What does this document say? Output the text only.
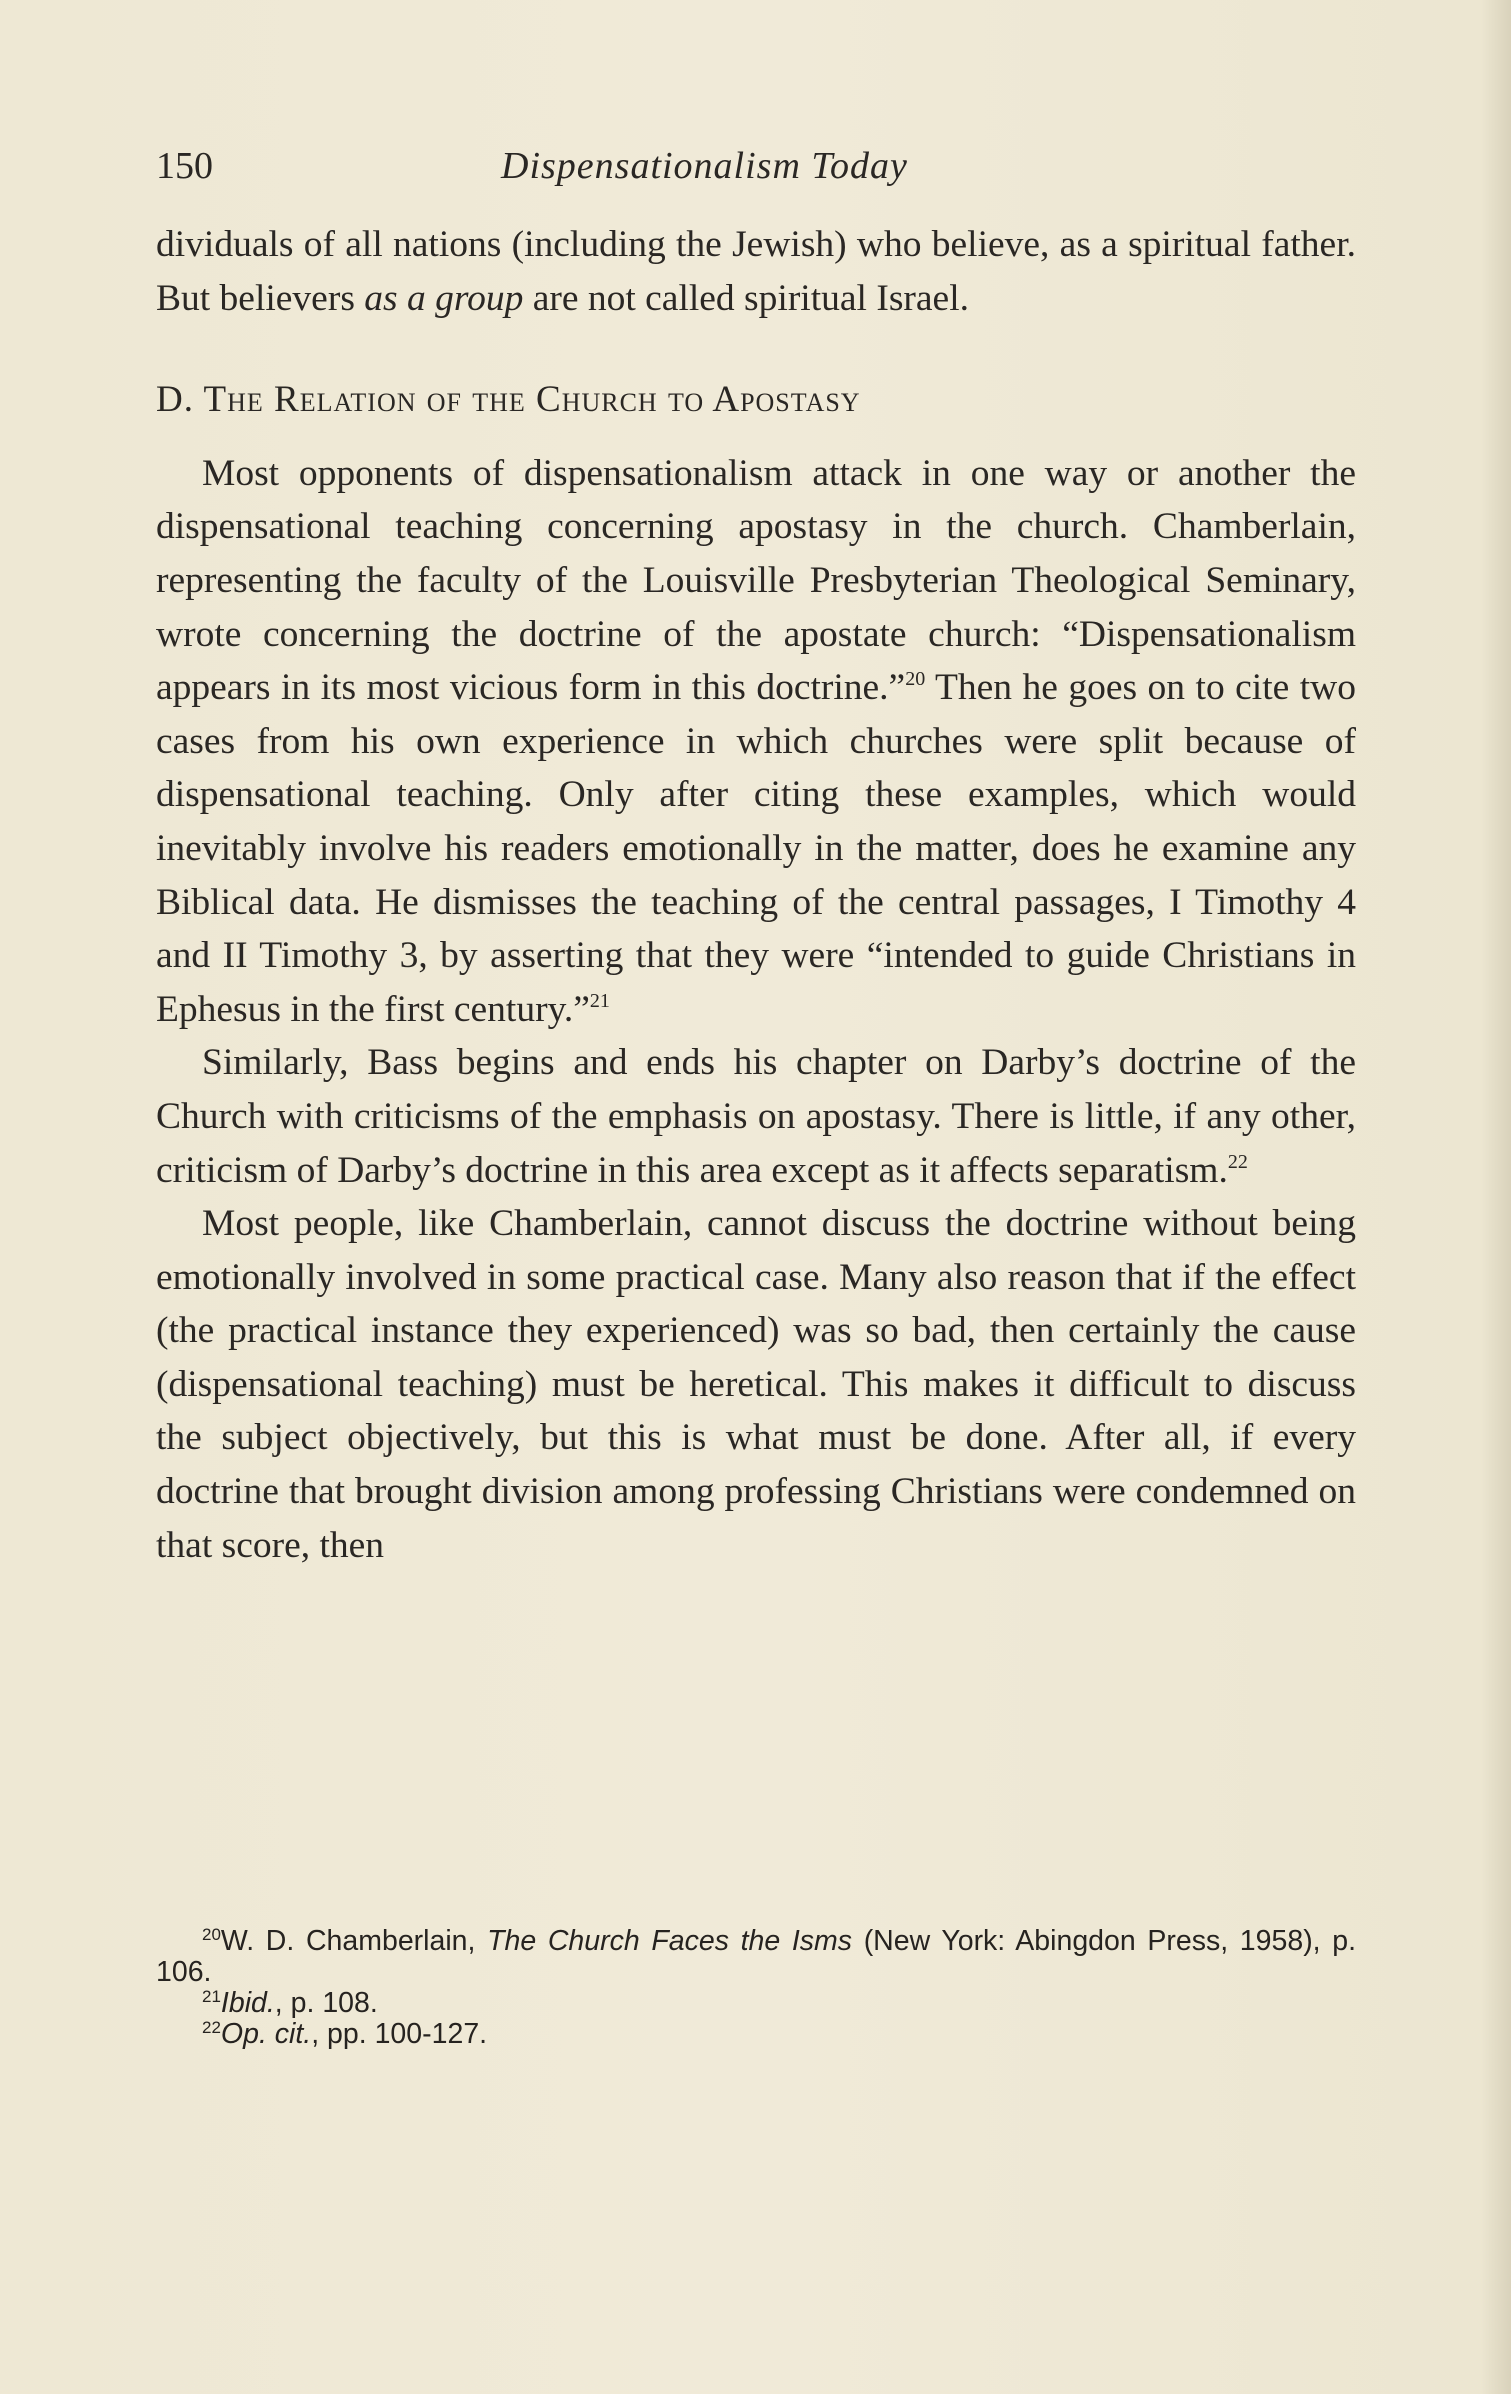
150	Dispensationalism Today

dividuals of all nations (including the Jewish) who believe, as a spiritual father. But believers as a group are not called spiritual Israel.

D. The Relation of the Church to Apostasy

Most opponents of dispensationalism attack in one way or another the dispensational teaching concerning apostasy in the church. Chamberlain, representing the faculty of the Louisville Presbyterian Theological Seminary, wrote concerning the doctrine of the apostate church: “Dispensationalism appears in its most vicious form in this doctrine.”$^{20}$ Then he goes on to cite two cases from his own experience in which churches were split because of dispensational teaching. Only after citing these examples, which would inevitably involve his readers emotionally in the matter, does he examine any Biblical data. He dismisses the teaching of the central passages, I Timothy 4 and II Timothy 3, by asserting that they were “intended to guide Christians in Ephesus in the first century.”$^{21}$

Similarly, Bass begins and ends his chapter on Darby’s doctrine of the Church with criticisms of the emphasis on apostasy. There is little, if any other, criticism of Darby’s doctrine in this area except as it affects separatism.$^{22}$

Most people, like Chamberlain, cannot discuss the doctrine without being emotionally involved in some practical case. Many also reason that if the effect (the practical instance they experienced) was so bad, then certainly the cause (dispensational teaching) must be heretical. This makes it difficult to discuss the subject objectively, but this is what must be done. After all, if every doctrine that brought division among professing Christians were condemned on that score, then

$^{20}$W. D. Chamberlain, The Church Faces the Isms (New York: Abingdon Press, 1958), p. 106.

$^{21}$Ibid., p. 108.

$^{22}$Op. cit., pp. 100-127.
